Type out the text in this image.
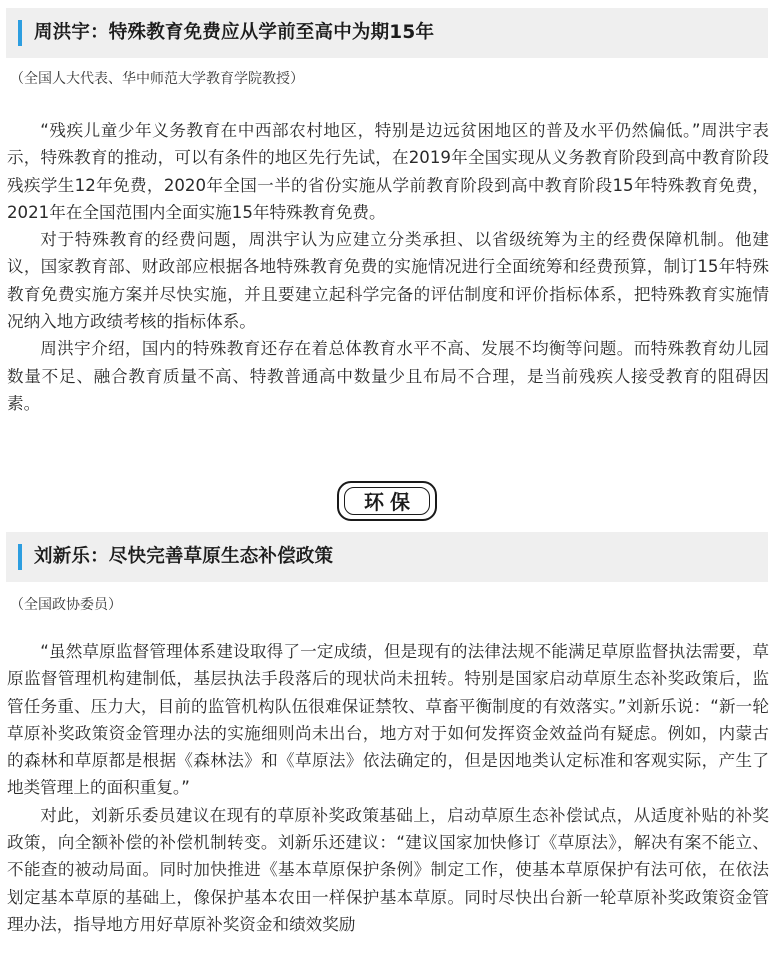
周洪宇：特殊教育免费应从学前至高中为期15年
（全国人大代表、华中师范大学教育学院教授）

“残疾儿童少年义务教育在中西部农村地区，特别是边远贫困地区的普及水平仍然偏低。”周洪宇表示，特殊教育的推动，可以有条件的地区先行先试，在2019年全国实现从义务教育阶段到高中教育阶段残疾学生12年免费，2020年全国一半的省份实施从学前教育阶段到高中教育阶段15年特殊教育免费，2021年在全国范围内全面实施15年特殊教育免费。

对于特殊教育的经费问题，周洪宇认为应建立分类承担、以省级统筹为主的经费保障机制。他建议，国家教育部、财政部应根据各地特殊教育免费的实施情况进行全面统筹和经费预算，制订15年特殊教育免费实施方案并尽快实施，并且要建立起科学完备的评估制度和评价指标体系，把特殊教育实施情况纳入地方政绩考核的指标体系。

周洪宇介绍，国内的特殊教育还存在着总体教育水平不高、发展不均衡等问题。而特殊教育幼儿园数量不足、融合教育质量不高、特教普通高中数量少且布局不合理，是当前残疾人接受教育的阻碍因素。

环保
刘新乐：尽快完善草原生态补偿政策
（全国政协委员）

“虽然草原监督管理体系建设取得了一定成绩，但是现有的法律法规不能满足草原监督执法需要，草原监督管理机构建制低，基层执法手段落后的现状尚未扭转。特别是国家启动草原生态补奖政策后，监管任务重、压力大，目前的监管机构队伍很难保证禁牧、草畜平衡制度的有效落实。”刘新乐说：“新一轮草原补奖政策资金管理办法的实施细则尚未出台，地方对于如何发挥资金效益尚有疑虑。例如，内蒙古的森林和草原都是根据《森林法》和《草原法》依法确定的，但是因地类认定标准和客观实际，产生了地类管理上的面积重复。”

对此，刘新乐委员建议在现有的草原补奖政策基础上，启动草原生态补偿试点，从适度补贴的补奖政策，向全额补偿的补偿机制转变。刘新乐还建议：“建议国家加快修订《草原法》，解决有案不能立、不能查的被动局面。同时加快推进《基本草原保护条例》制定工作，使基本草原保护有法可依，在依法划定基本草原的基础上，像保护基本农田一样保护基本草原。同时尽快出台新一轮草原补奖政策资金管理办法，指导地方用好草原补奖资金和绩效奖励
